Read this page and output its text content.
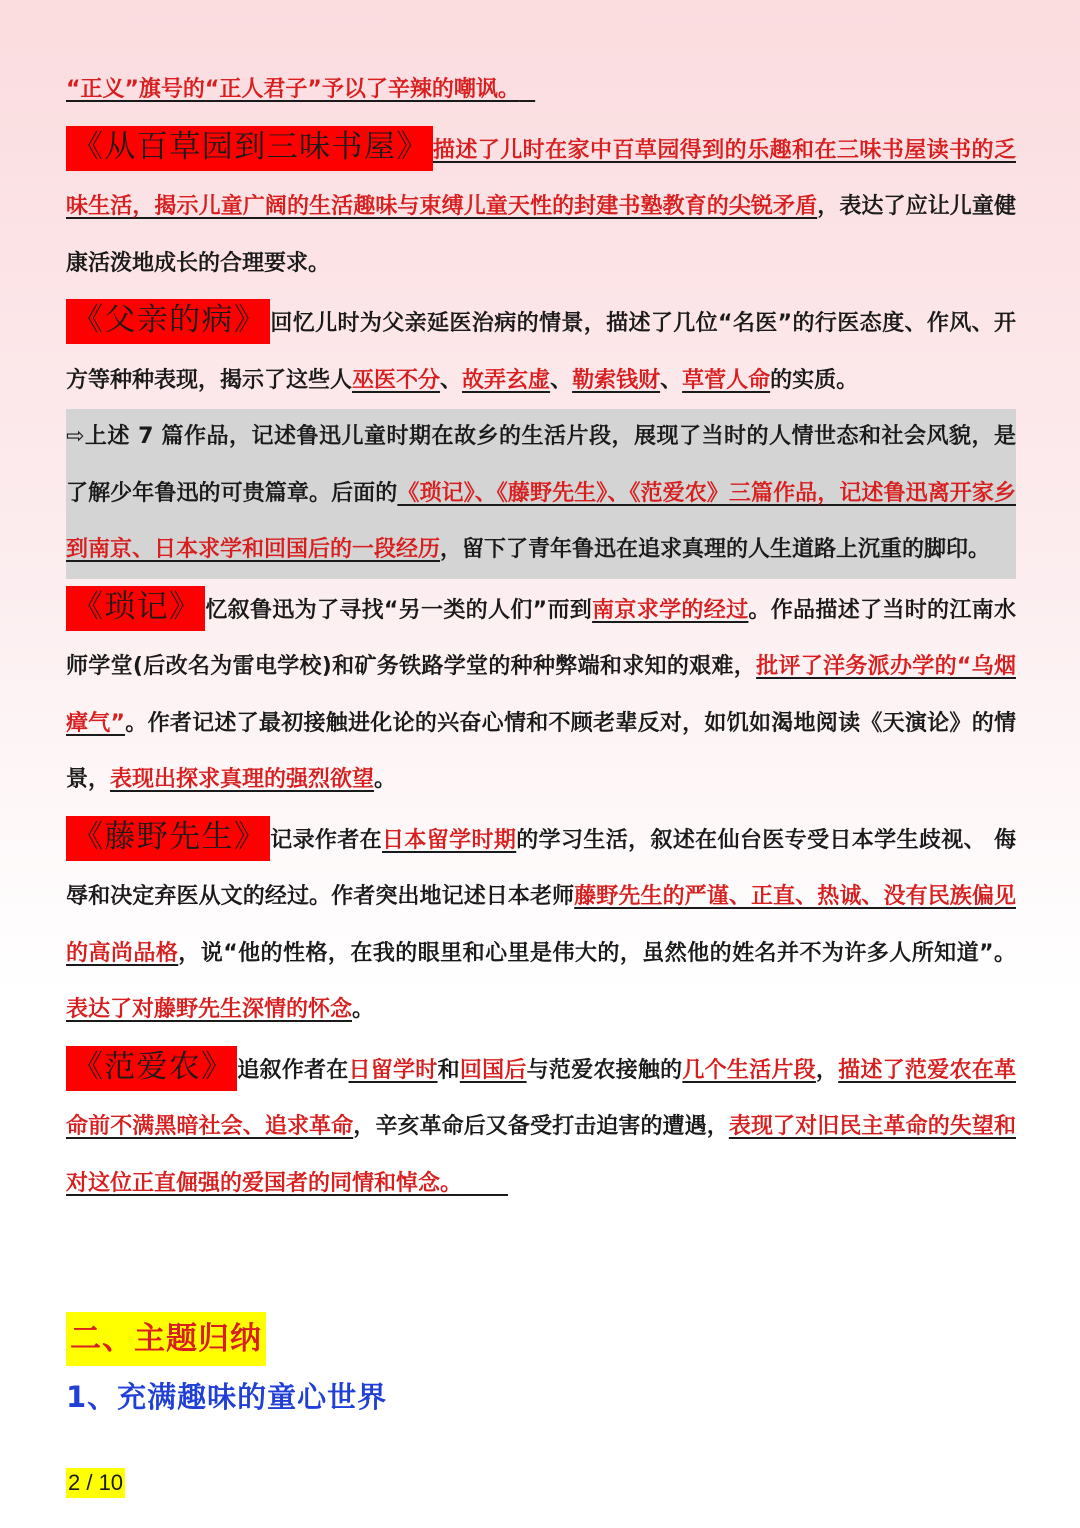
“正义”旗号的“正人君子”予以了辛辣的嘲讽。

《从百草园到三味书屋》 描述了儿时在家中百草园得到的乐趣和在三味书屋读书的乏味生活，揭示儿童广阔的生活趣味与束缚儿童天性的封建书塾教育的尖锐矛盾，表达了应让儿童健康活泼地成长的合理要求。

《父亲的病》 回忆儿时为父亲延医治病的情景，描述了几位“名医”的行医态度、作风、开方等种种表现，揭示了这些人巫医不分、故弄玄虚、勒索钱财、草菅人命的实质。

⇨上述 7 篇作品，记述鲁迅儿童时期在故乡的生活片段，展现了当时的人情世态和社会风貌，是了解少年鲁迅的可贵篇章。后面的《琐记》、《藤野先生》、《范爱农》三篇作品，记述鲁迅离开家乡到南京、日本求学和回国后的一段经历，留下了青年鲁迅在追求真理的人生道路上沉重的脚印。

《琐记》 忆叙鲁迅为了寻找“另一类的人们”而到南京求学的经过。作品描述了当时的江南水师学堂(后改名为雷电学校)和矿务铁路学堂的种种弊端和求知的艰难，批评了洋务派办学的“乌烟瘴气”。作者记述了最初接触进化论的兴奋心情和不顾老辈反对，如饥如渴地阅读《天演论》的情景，表现出探求真理的强烈欲望。

《藤野先生》 记录作者在日本留学时期的学习生活，叙述在仙台医专受日本学生歧视、 侮辱和决定弃医从文的经过。作者突出地记述日本老师藤野先生的严谨、正直、热诚、没有民族偏见的高尚品格，说“他的性格，在我的眼里和心里是伟大的，虽然他的姓名并不为许多人所知道”。表达了对藤野先生深情的怀念。

《范爱农》 追叙作者在日留学时和回国后与范爱农接触的几个生活片段，描述了范爱农在革命前不满黑暗社会、追求革命，辛亥革命后又备受打击迫害的遭遇，表现了对旧民主革命的失望和对这位正直倔强的爱国者的同情和悼念。

二、主题归纳
1、充满趣味的童心世界
2 / 10
